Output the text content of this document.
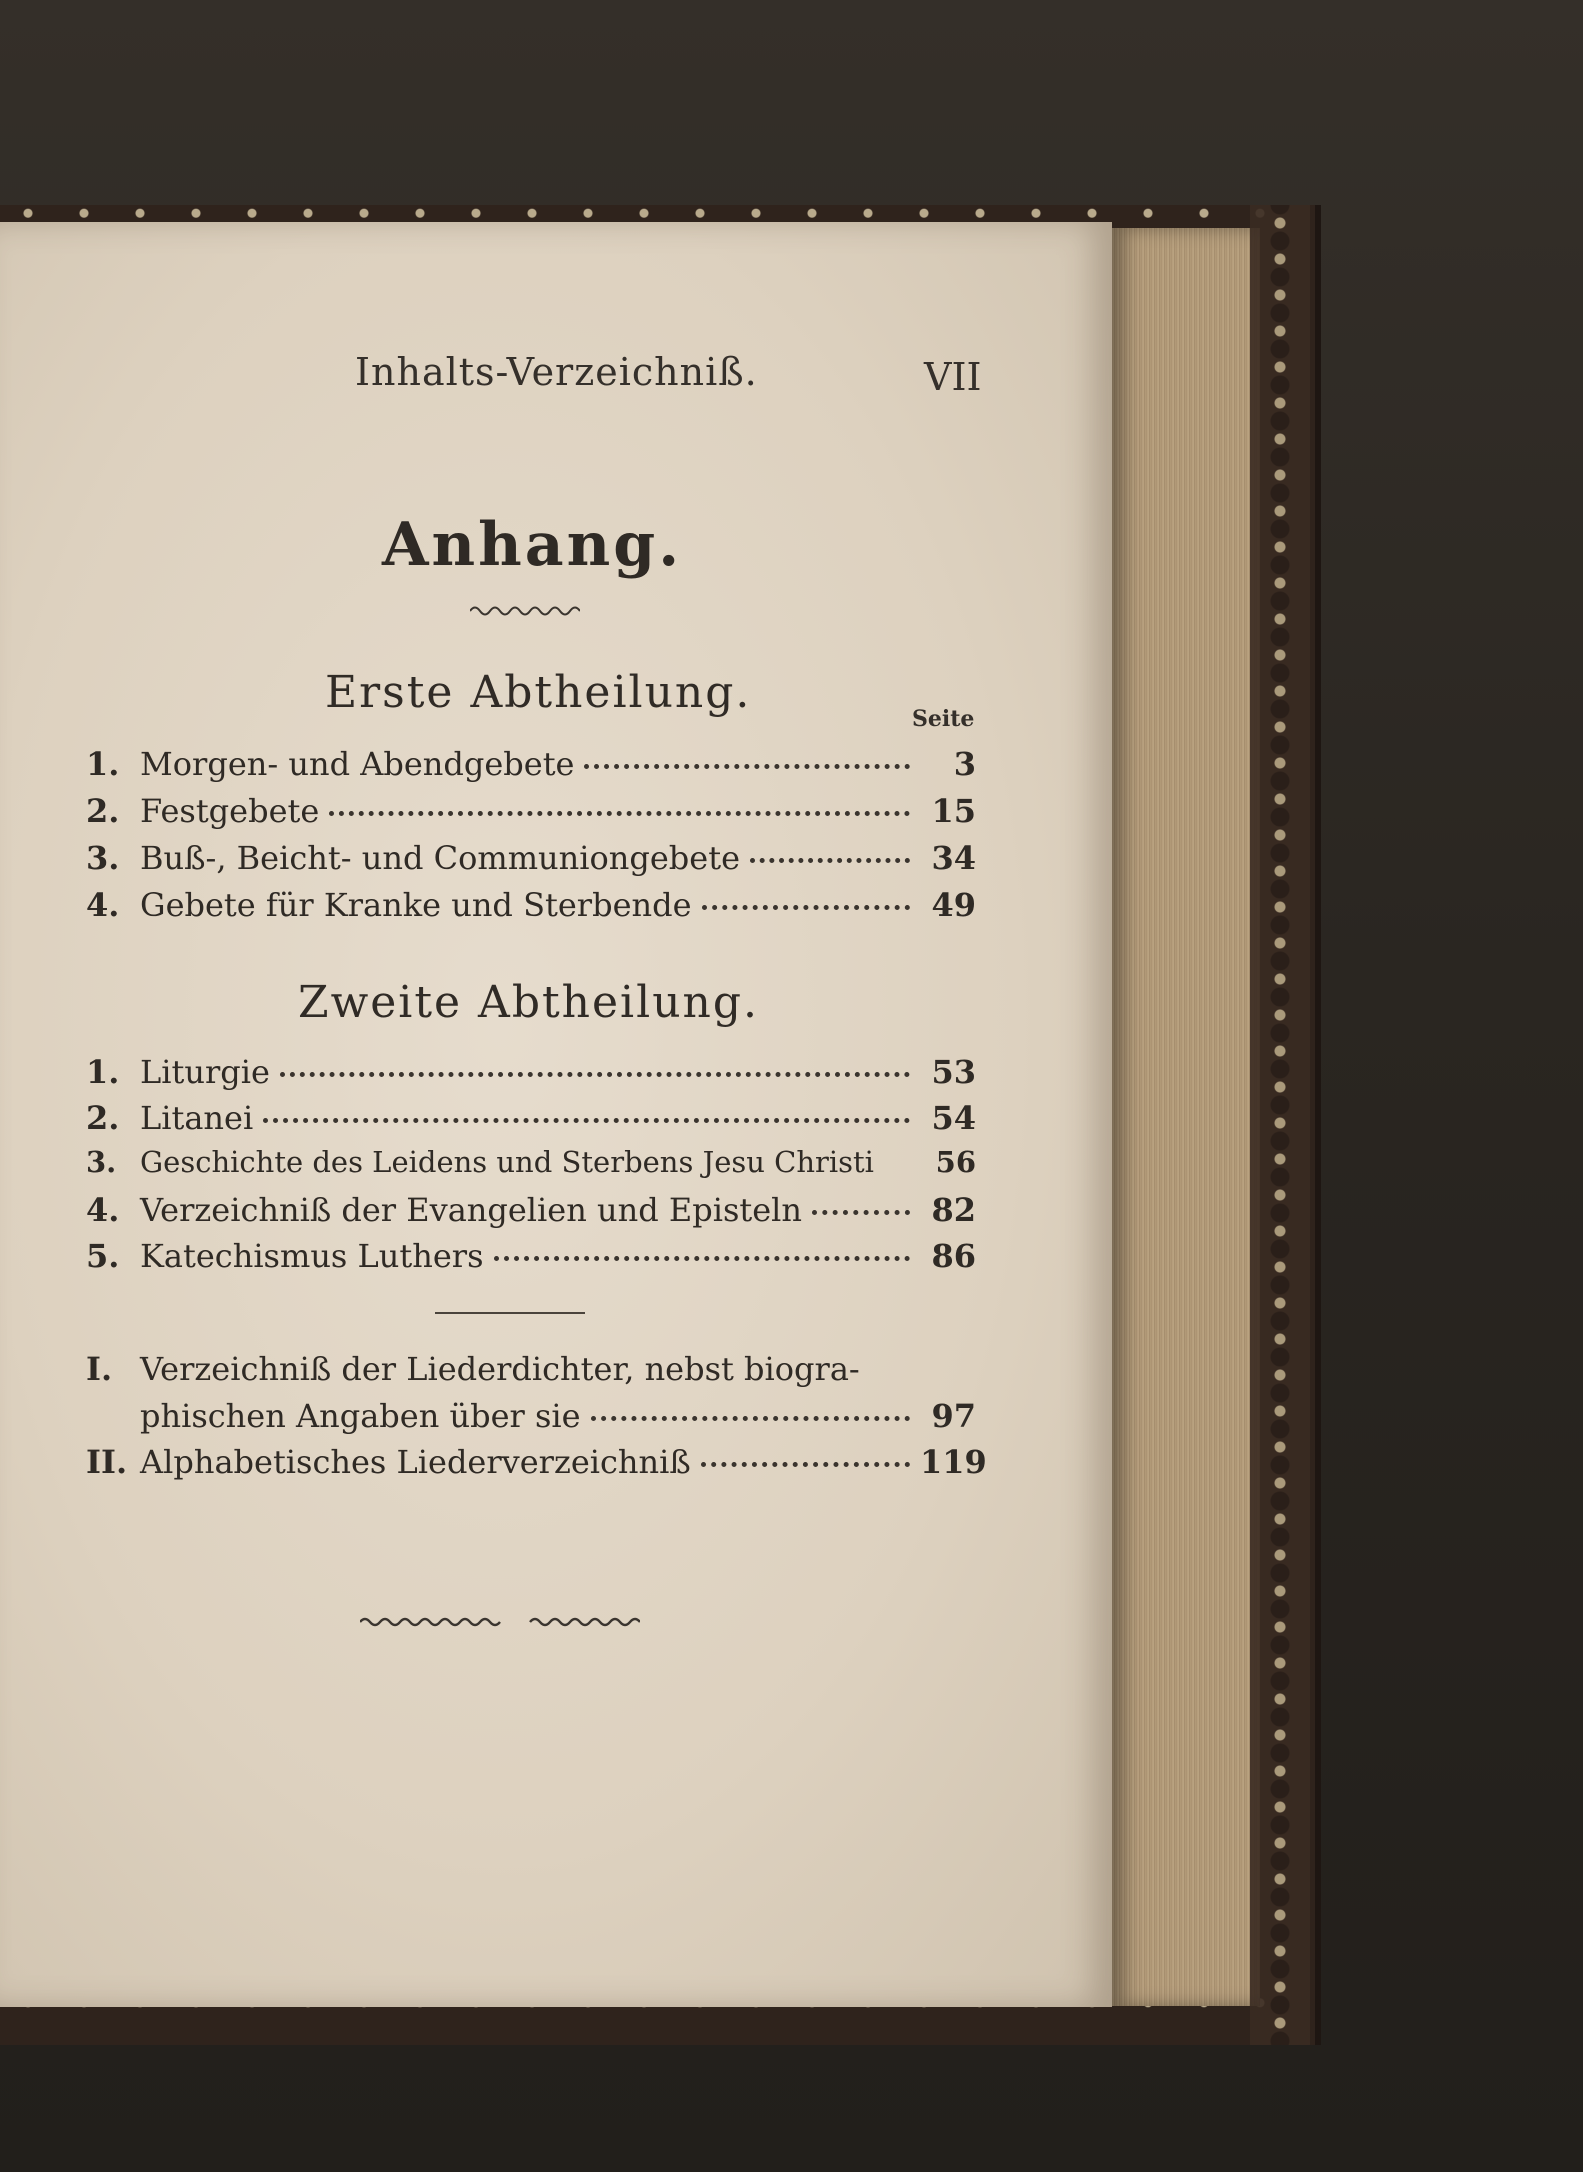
Inhalts-Verzeichniß.	VII
Anhang.
Erste Abtheilung.
Seite
1. Morgen- und Abendgebete	3
2. Festgebete	15
3. Buß-, Beicht- und Communiongebete	34
4. Gebete für Kranke und Sterbende	49
Zweite Abtheilung.
1. Liturgie	53
2. Litanei	54
3. Geschichte des Leidens und Sterbens Jesu Christi	56
4. Verzeichniß der Evangelien und Episteln	82
5. Katechismus Luthers	86
I. Verzeichniß der Liederdichter, nebst biogra-
phischen Angaben über sie	97
II. Alphabetisches Liederverzeichniß	119
